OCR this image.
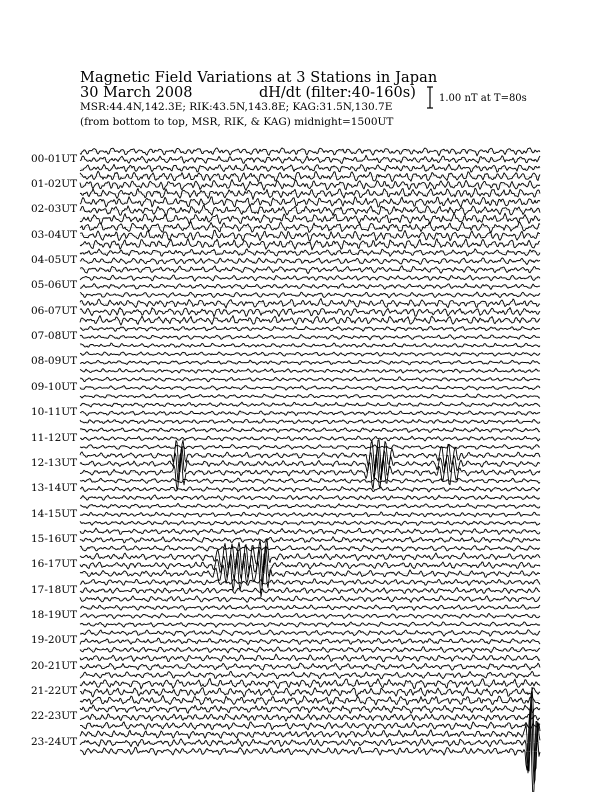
Magnetic Field Variations at 3 Stations in Japan
30 March 2008	dH/dt (filter:40-160s)
MSR:44.4N,142.3E; RIK:43.5N,143.8E; KAG:31.5N,130.7E
(from bottom to top, MSR, RIK, & KAG) midnight=1500UT
1.00 nT at T=80s
00-01UT
01-02UT
02-03UT
03-04UT
04-05UT
05-06UT
06-07UT
07-08UT
08-09UT
09-10UT
10-11UT
11-12UT
12-13UT
13-14UT
14-15UT
15-16UT
16-17UT
17-18UT
18-19UT
19-20UT
20-21UT
21-22UT
22-23UT
23-24UT
